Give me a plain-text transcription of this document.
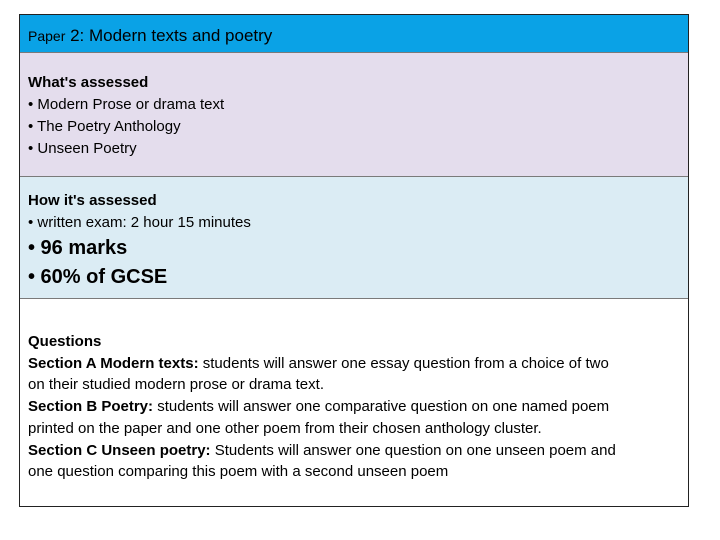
Paper 2: Modern texts and poetry
What's assessed
• Modern Prose or drama text
• The Poetry Anthology
• Unseen Poetry
How it's assessed
• written exam: 2 hour 15 minutes
• 96 marks
• 60% of GCSE
Questions
Section A Modern texts: students will answer one essay question from a choice of two
on their studied modern prose or drama text.
Section B Poetry: students will answer one comparative question on one named poem
printed on the paper and one other poem from their chosen anthology cluster.
Section C Unseen poetry: Students will answer one question on one unseen poem and
one question comparing this poem with a second unseen poem
